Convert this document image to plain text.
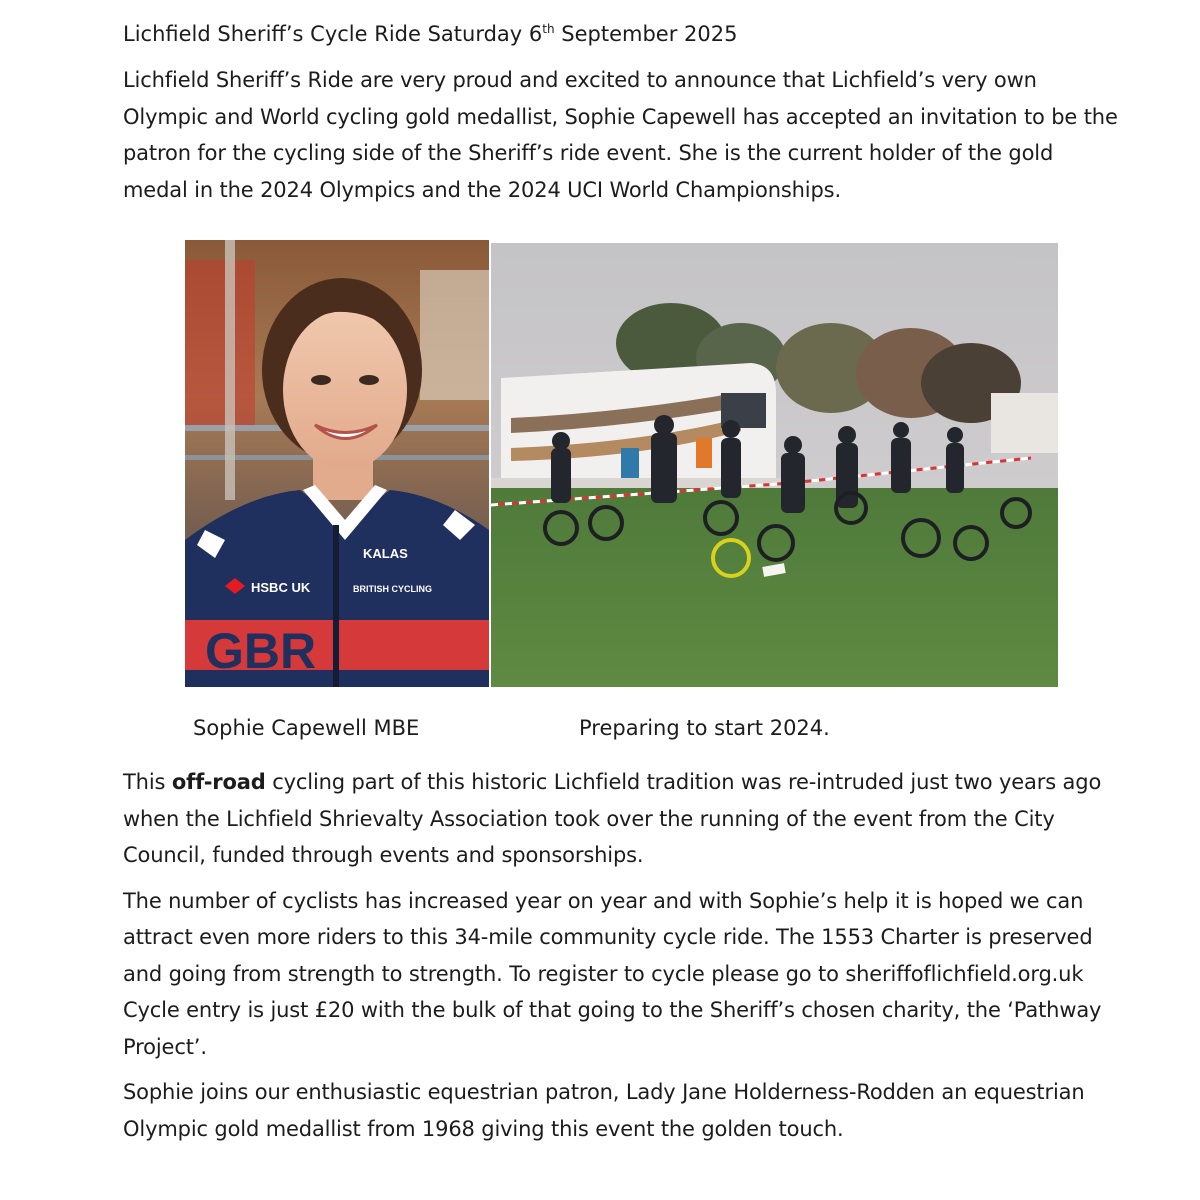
Lichfield Sheriff’s Cycle Ride Saturday 6th September 2025

Lichfield Sheriff’s Ride are very proud and excited to announce that Lichfield’s very own Olympic and World cycling gold medallist, Sophie Capewell has accepted an invitation to be the patron for the cycling side of the Sheriff’s ride event. She is the current holder of the gold medal in the 2024 Olympics and the 2024 UCI World Championships.

HSBC UK
KALAS
BRITISH CYCLING
GBR
Sophie Capewell MBE	Preparing to start 2024.

This off-road cycling part of this historic Lichfield tradition was re-intruded just two years ago when the Lichfield Shrievalty Association took over the running of the event from the City Council, funded through events and sponsorships.

The number of cyclists has increased year on year and with Sophie’s help it is hoped we can attract even more riders to this 34-mile community cycle ride. The 1553 Charter is preserved and going from strength to strength. To register to cycle please go to sheriffoflichfield.org.uk Cycle entry is just £20 with the bulk of that going to the Sheriff’s chosen charity, the ‘Pathway Project’.

Sophie joins our enthusiastic equestrian patron, Lady Jane Holderness-Rodden an equestrian Olympic gold medallist from 1968 giving this event the golden touch.
